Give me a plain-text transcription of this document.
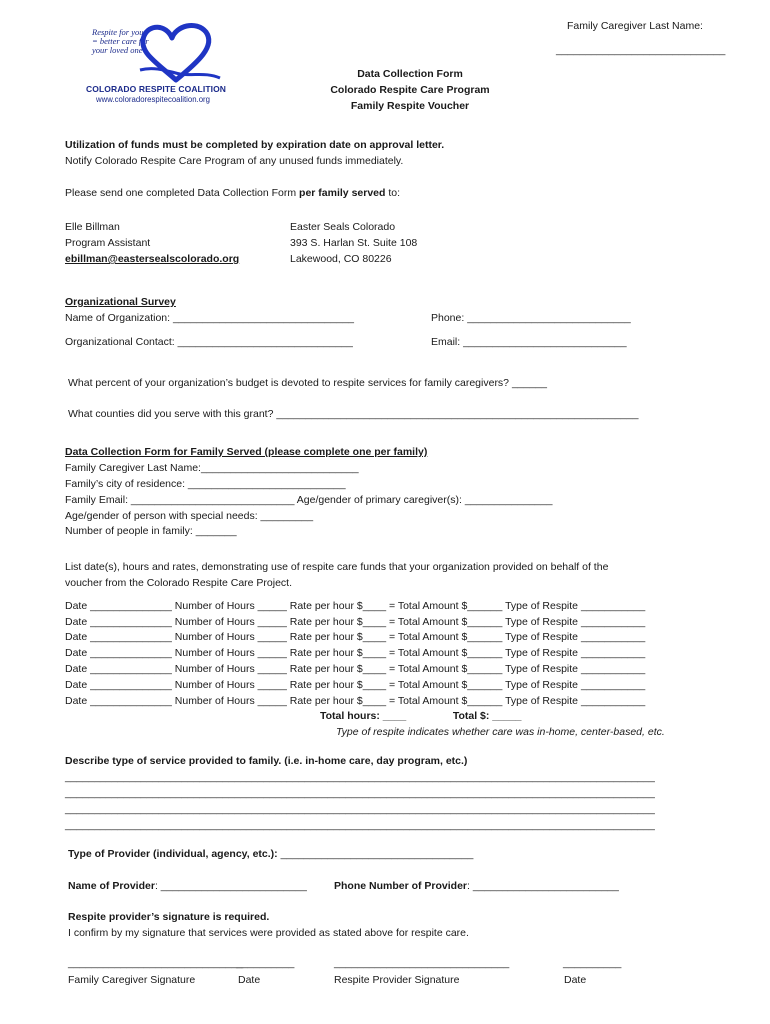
Respite for you
= better care for
your loved one
COLORADO RESPITE COALITION
www.coloradorespitecoalition.org
Family Caregiver Last Name:
_____________________________
Data Collection Form
Colorado Respite Care Program
Family Respite Voucher
Utilization of funds must be completed by expiration date on approval letter.
Notify Colorado Respite Care Program of any unused funds immediately.
Please send one completed Data Collection Form per family served to:
Elle Billman
Program Assistant
ebillman@eastersealscolorado.org
Easter Seals Colorado
393 S. Harlan St. Suite 108
Lakewood, CO 80226
Organizational Survey
Name of Organization: _______________________________	Phone: ____________________________
Organizational Contact: ______________________________	Email: ____________________________
What percent of your organization’s budget is devoted to respite services for family caregivers? ______
What counties did you serve with this grant? ______________________________________________________________
Data Collection Form for Family Served (please complete one per family)
Family Caregiver Last Name:___________________________
Family’s city of residence: ___________________________
Family Email: ____________________________ Age/gender of primary caregiver(s): _______________
Age/gender of person with special needs: _________
Number of people in family: _______
List date(s), hours and rates, demonstrating use of respite care funds that your organization provided on behalf of the
voucher from the Colorado Respite Care Project.
Date ______________ Number of Hours _____ Rate per hour $____ = Total Amount $______ Type of Respite ___________
Date ______________ Number of Hours _____ Rate per hour $____ = Total Amount $______ Type of Respite ___________
Date ______________ Number of Hours _____ Rate per hour $____ = Total Amount $______ Type of Respite ___________
Date ______________ Number of Hours _____ Rate per hour $____ = Total Amount $______ Type of Respite ___________
Date ______________ Number of Hours _____ Rate per hour $____ = Total Amount $______ Type of Respite ___________
Date ______________ Number of Hours _____ Rate per hour $____ = Total Amount $______ Type of Respite ___________
Date ______________ Number of Hours _____ Rate per hour $____ = Total Amount $______ Type of Respite ___________
Total hours: ____                Total $: _____
Type of respite indicates whether care was in-home, center-based, etc.
Describe type of service provided to family. (i.e. in-home care, day program, etc.)
_____________________________________________________________________________________________________
_____________________________________________________________________________________________________
_____________________________________________________________________________________________________
_____________________________________________________________________________________________________
Type of Provider (individual, agency, etc.): _________________________________
Name of Provider: _________________________	Phone Number of Provider: _________________________
Respite provider’s signature is required.
I confirm by my signature that services were provided as stated above for respite care.
______________________________
__________	______________________________	__________
Family Caregiver Signature	Date	Respite Provider Signature	Date
